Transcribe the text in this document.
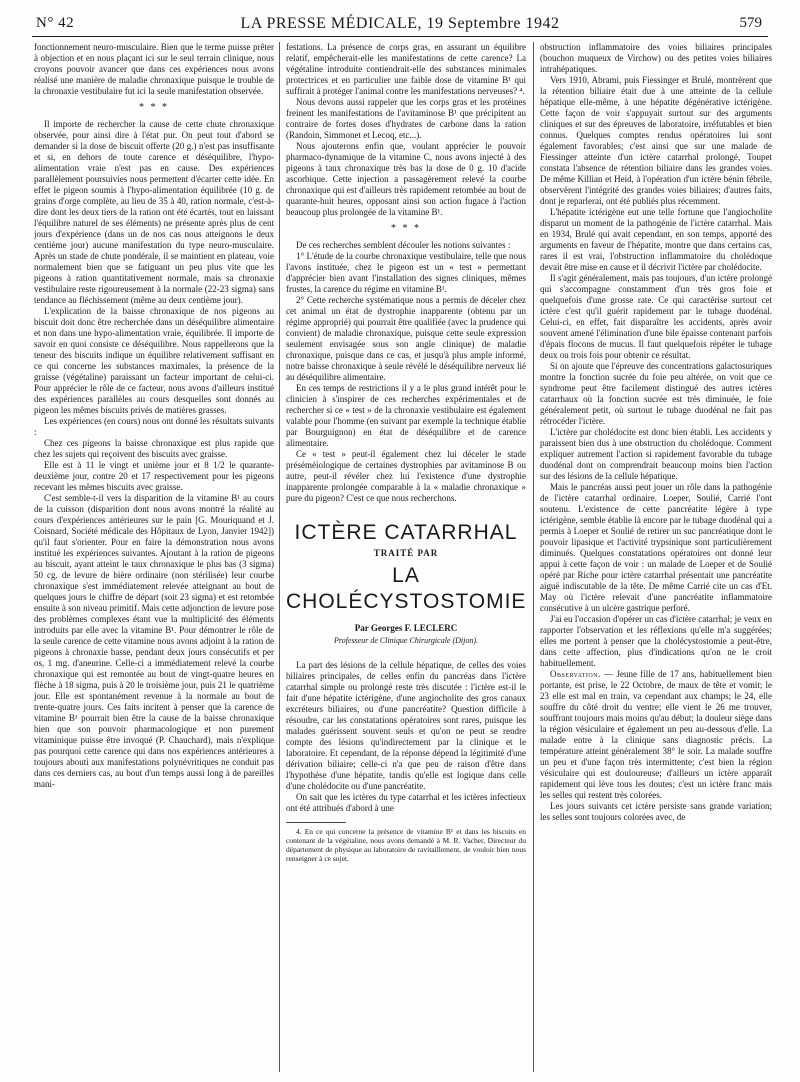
N° 42	LA PRESSE MÉDICALE, 19 Septembre 1942	579

fonctionnement neuro-musculaire. Bien que le terme puisse prêter à objection et en nous plaçant ici sur le seul terrain clinique, nous croyons pouvoir avancer que dans ces expériences nous avons réalisé une manière de maladie chronaxique puisque le trouble de la chronaxie vestibulaire fut ici la seule manifestation observée.

* * *

Il importe de rechercher la cause de cette chute chronaxique observée, pour ainsi dire à l'état pur. On peut tout d'abord se demander si la dose de biscuit offerte (20 g.) n'est pas insuffisante et si, en dehors de toute carence et déséquilibre, l'hypo-alimentation vraie n'est pas en cause. Des expériences parallèlement poursuivies nous permettent d'écarter cette idée. En effet le pigeon soumis à l'hypo-alimentation équilibrée (10 g. de grains d'orge complète, au lieu de 35 à 40, ration normale, c'est-à-dire dont les deux tiers de la ration ont été écartés, tout en laissant l'équilibre naturel de ses éléments) ne présente après plus de cent jours d'expérience (dans un de nos cas nous atteignons le deux centième jour) aucune manifestation du type neuro-musculaire. Après un stade de chute pondérale, il se maintient en plateau, voie normalement bien que se fatiguant un peu plus vite que les pigeons à ration quantitativement normale, mais sa chronaxie vestibulaire reste rigoureusement à la normale (22-23 sigma) sans tendance au fléchissement (même au deux centième jour).

L'explication de la baisse chronaxique de nos pigeons au biscuit doit donc être recherchée dans un déséquilibre alimentaire et non dans une hypo-alimentation vraie, équilibrée. Il importe de savoir en quoi consiste ce déséquilibre. Nous rappellerons que la teneur des biscuits indique un équilibre relativement suffisant en ce qui concerne les substances maximales, la présence de la graisse (végétaline) paraissant un facteur important de celui-ci. Pour apprécier le rôle de ce facteur, nous avons d'ailleurs institué des expériences parallèles au cours desquelles sont donnés au pigeon les mêmes biscuits privés de matières grasses.

Les expériences (en cours) nous ont donné les résultats suivants :

Chez ces pigeons la baisse chronaxique est plus rapide que chez les sujets qui reçoivent des biscuits avec graisse.

Elle est à 11 le vingt et unième jour et 8 1/2 le quarante-deuxième jour, contre 20 et 17 respectivement pour les pigeons recevant les mêmes biscuits avec graisse.

C'est semble-t-il vers la disparition de la vitamine B¹ au cours de la cuisson (disparition dont nous avons montré la réalité au cours d'expériences antérieures sur le pain [G. Mouriquand et J. Coisnard, Société médicale des Hôpitaux de Lyon, Janvier 1942]) qu'il faut s'orienter. Pour en faire la démonstration nous avons institué les expériences suivantes. Ajoutant à la ration de pigeons au biscuit, ayant atteint le taux chronaxique le plus bas (3 sigma) 50 cg. de levure de bière ordinaire (non stérilisée) leur courbe chronaxique s'est immédiatement relevée atteignant au bout de quelques jours le chiffre de départ (soit 23 sigma) et est retombée ensuite à son niveau primitif. Mais cette adjonction de levure pose des problèmes complexes étant vue la multiplicité des éléments introduits par elle avec la vitamine B¹. Pour démontrer le rôle de la seule carence de cette vitamine nous avons adjoint à la ration de pigeons à chronaxie basse, pendant deux jours consécutifs et per os, 1 mg. d'aneurine. Celle-ci a immédiatement relevé la courbe chronaxique qui est remontée au bout de vingt-quatre heures en flèche à 18 sigma, puis à 20 le troisième jour, puis 21 le quatrième jour. Elle est spontanément revenue à la normale au bout de trente-quatre jours. Ces faits incitent à penser que la carence de vitamine B¹ pourrait bien être la cause de la baisse chronaxique bien que son pouvoir pharmacologique et non purement vitaminique puisse être invoqué (P. Chauchard), mais n'explique pas pourquoi cette carence qui dans nos expériences antérieures a toujours abouti aux manifestations polynévritiques ne conduit pas dans ces derniers cas, au bout d'un temps aussi long à de pareilles mani-

festations. La présence de corps gras, en assurant un équilibre relatif, empêcherait-elle les manifestations de cette carence? La végétaline introduite contiendrait-elle des substances minimales protectrices et en particulier une faible dose de vitamine B¹ qui suffirait à protéger l'animal contre les manifestations nerveuses? ⁴.

Nous devons aussi rappeler que les corps gras et les protéines freinent les manifestations de l'avitaminose B¹ que précipitent au contraire de fortes doses d'hydrates de carbone dans la ration (Randoin, Simmonet et Lecoq, etc...).

Nous ajouterons enfin que, voulant apprécier le pouvoir pharmaco-dynamique de la vitamine C, nous avons injecté à des pigeons à taux chronaxique très bas la dose de 0 g. 10 d'acide ascorbique. Cette injection a passagèrement relevé la courbe chronaxique qui est d'ailleurs très rapidement retombée au bout de quarante-huit heures, opposant ainsi son action fugace à l'action beaucoup plus prolongée de la vitamine B¹.

* * *

De ces recherches semblent découler les notions suivantes :

1° L'étude de la courbe chronaxique vestibulaire, telle que nous l'avons instituée, chez le pigeon est un « test » permettant d'apprécier bien avant l'installation des signes cliniques, mêmes frustes, la carence du régime en vitamine B¹.

2° Cette recherche systématique nous a permis de déceler chez cet animal un état de dystrophie inapparente (obtenu par un régime approprié) qui pourrait être qualifiée (avec la prudence qui convient) de maladie chronaxique, puisque cette seule expression seulement envisagée sous son angle clinique) de maladie chronaxique, puisque dans ce cas, et jusqu'à plus ample informé, notre baisse chronaxique à seule révélé le déséquilibre nerveux lié au déséquilibre alimentaire.

En ces temps de restrictions il y a le plus grand intérêt pour le clinicien à s'inspirer de ces recherches expérimentales et de rechercher si ce « test » de la chronaxie vestibulaire est également valable pour l'homme (en suivant par exemple la technique établie par Bourguignon) en état de déséquilibre et de carence alimentaire.

Ce « test » peut-il également chez lui déceler le stade préséméiologique de certaines dystrophies par avitaminose B ou autre, peut-il révéler chez lui l'existence d'une dystrophie inapparente prolongée comparable à la « maladie chronaxique » pure du pigeon? C'est ce que nous recherchons.

ICTÈRE CATARRHAL
TRAITÉ PAR
LA CHOLÉCYSTOSTOMIE
Par Georges F. LECLERC
Professeur de Clinique Chirurgicale (Dijon).

La part des lésions de la cellule hépatique, de celles des voies biliaires principales, de celles enfin du pancréas dans l'ictère catarrhal simple ou prolongé reste très discutée : l'ictère est-il le fait d'une hépatite ictérigène, d'une angiocholite des gros canaux excréteurs biliaires, ou d'une pancréatite? Question difficile à résoudre, car les constatations opératoires sont rares, puisque les malades guérissent souvent seuls et qu'on ne peut se rendre compte des lésions qu'indirectement par la clinique et le laboratoire. Et cependant, de la réponse dépend la légitimité d'une dérivation biliaire; celle-ci n'a que peu de raison d'être dans l'hypothèse d'une hépatite, tandis qu'elle est logique dans celle d'une cholédocite ou d'une pancréatite.

On sait que les ictères du type catarrhal et les ictères infectieux ont été attribués d'abord à une

4. En ce qui concerne la présence de vitamine B¹ et dans les biscuits en contenant de la végétaline, nous avons demandé à M. R. Vacher, Directeur du département de physique au laboratoire de ravitaillement, de vouloir bien nous renseigner à ce sujet.

obstruction inflammatoire des voies biliaires principales (bouchon muqueux de Virchow) ou des petites voies biliaires intrahépatiques.

Vers 1910, Abrami, puis Fiessinger et Brulé, montrèrent que la rétention biliaire était due à une atteinte de la cellule hépatique elle-même, à une hépatite dégénérative ictérigène. Cette façon de voir s'appuyait surtout sur des arguments cliniques et sur des épreuves de laboratoire, irréfutables et bien connus. Quelques comptes rendus opératoires lui sont également favorables; c'est ainsi que sur une malade de Fiessinger atteinte d'un ictère catarrhal prolongé, Toupet constata l'absence de rétention biliaire dans les grandes voies. De même Killian et Heid, à l'opération d'un ictère bénin fébrile, observèrent l'intégrité des grandes voies biliaires; d'autres faits, dont je reparlerai, ont été publiés plus récemment.

L'hépatite ictérigène eut une telle fortune que l'angiocholite disparut un moment de la pathogénie de l'ictère catarrhal. Mais en 1934, Brulé qui avait cependant, en son temps, apporté des arguments en faveur de l'hépatite, montre que dans certains cas, rares il est vrai, l'obstruction inflammatoire du cholédoque devait être mise en cause et il décrivit l'ictère par cholédocite.

Il s'agit généralement, mais pas toujours, d'un ictère prolongé qui s'accompagne constamment d'un très gros foie et quelquefois d'une grosse rate. Ce qui caractérise surtout cet ictère c'est qu'il guérit rapidement par le tubage duodénal. Celui-ci, en effet, fait disparaître les accidents, après avoir souvent amené l'élimination d'une bile épaisse contenant parfois d'épais flocons de mucus. Il faut quelquefois répéter le tubage deux ou trois fois pour obtenir ce résultat.

Si on ajoute que l'épreuve des concentrations galactosuriques montre la fonction sucrée du foie peu altérée, on voit que ce syndrome peut être facilement distingué des autres ictères catarrhaux où la fonction sucrée est très diminuée, le foie généralement petit, où surtout le tubage duodénal ne fait pas rétrocéder l'ictère.

L'ictère par cholédocite est donc bien établi. Les accidents y paraissent bien dus à une obstruction du cholédoque. Comment expliquer autrement l'action si rapidement favorable du tubage duodénal dont on comprendrait beaucoup moins bien l'action sur des lésions de la cellule hépatique.

Mais le pancréas aussi peut jouer un rôle dans la pathogénie de l'ictère catarrhal ordinaire. Loeper, Soulié, Carrié l'ont soutenu. L'existence de cette pancréatite légère à type ictérigène, semble établie là encore par le tubage duodénal qui a permis à Loeper et Soulié de retirer un suc pancréatique dont le pouvoir lipasique et l'activité trypsinique sont particulièrement diminués. Quelques constatations opératoires ont donné leur appui à cette façon de voir : un malade de Loeper et de Soulié opéré par Riche pour ictère catarrhal présentait une pancréatite aiguë indiscutable de la tête. De même Carrié cite un cas d'Et. May où l'ictère relevait d'une pancréatite inflammatoire consécutive à un ulcère gastrique perforé.

J'ai eu l'occasion d'opérer un cas d'ictère catarrhal; je veux en rapporter l'observation et les réflexions qu'elle m'a suggérées; elles me portent à penser que la cholécystostomie a peut-être, dans cette affection, plus d'indications qu'on ne le croit habituellement.

Observation. — Jeune fille de 17 ans, habituellement bien portante, est prise, le 22 Octobre, de maux de tête et vomit; le 23 elle est mal en train, va cependant aux champs; le 24, elle souffre du côté droit du ventre; elle vient le 26 me trouver, souffrant toujours mais moins qu'au début; la douleur siège dans la région vésiculaire et également un peu au-dessous d'elle. La malade entre à la clinique sans diagnostic précis. La température atteint généralement 38° le soir. La malade souffre un peu et d'une façon très intermittente; c'est bien la région vésiculaire qui est douloureuse; d'ailleurs un ictère apparaît rapidement qui lève tous les doutes; c'est un ictère franc mais les selles qui restent très colorées.

Les jours suivants cet ictère persiste sans grande variation; les selles sont toujours colorées avec, de
